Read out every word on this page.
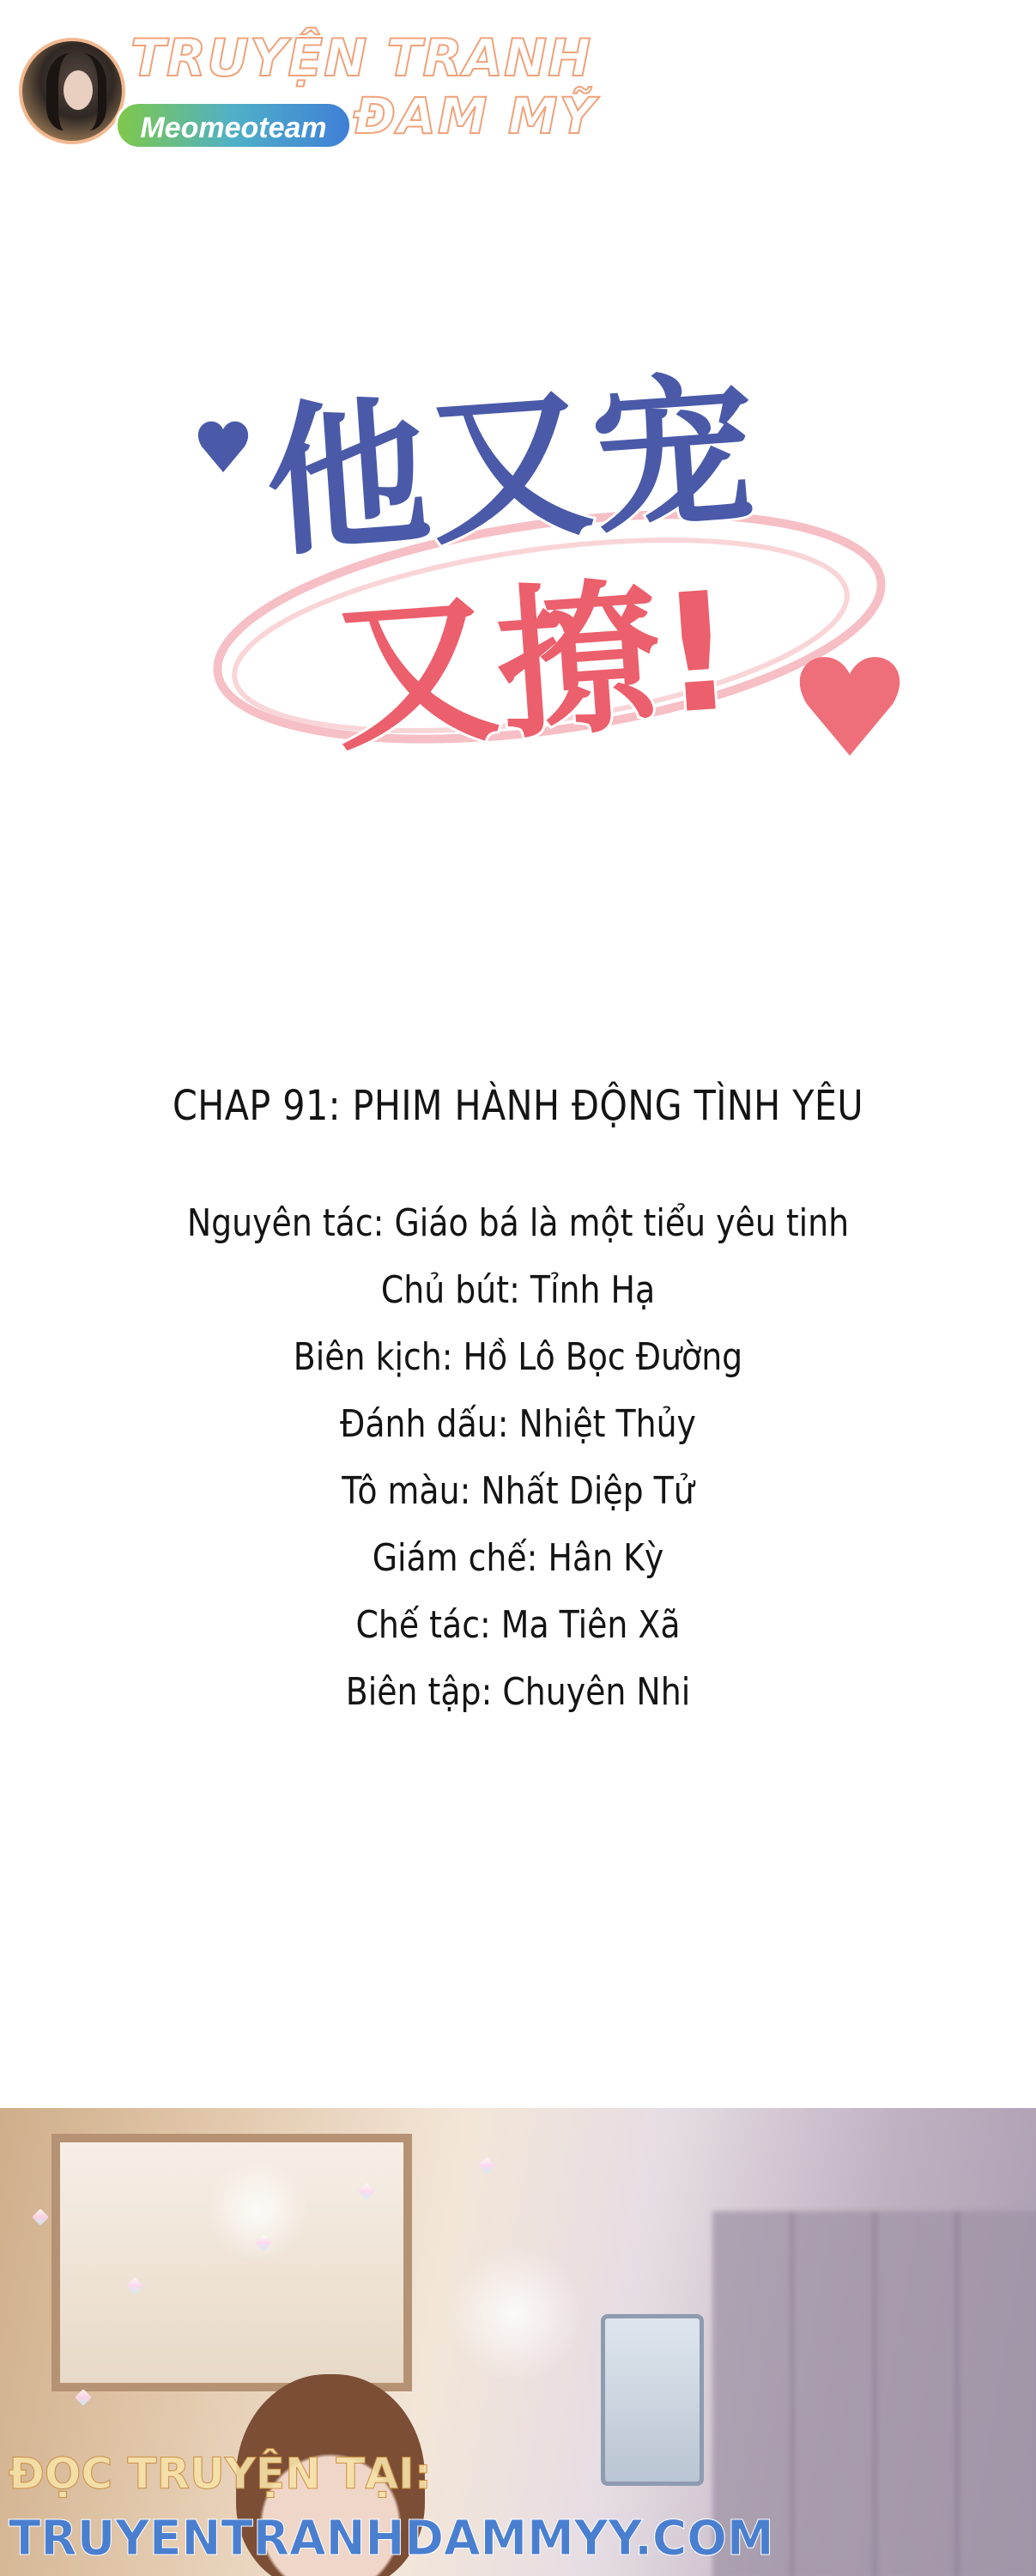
TRUYỆN TRANH
ĐAM MỸ
Meomeoteam
他又宠
又撩!
CHAP 91: PHIM HÀNH ĐỘNG TÌNH YÊU
Nguyên tác: Giáo bá là một tiểu yêu tinh
Chủ bút: Tỉnh Hạ
Biên kịch: Hồ Lô Bọc Đường
Đánh dấu: Nhiệt Thủy
Tô màu: Nhất Diệp Tử
Giám chế: Hân Kỳ
Chế tác: Ma Tiên Xã
Biên tập: Chuyên Nhi
ĐỌC TRUYỆN TẠI:
TRUYENTRANHDAMMYY.COM
